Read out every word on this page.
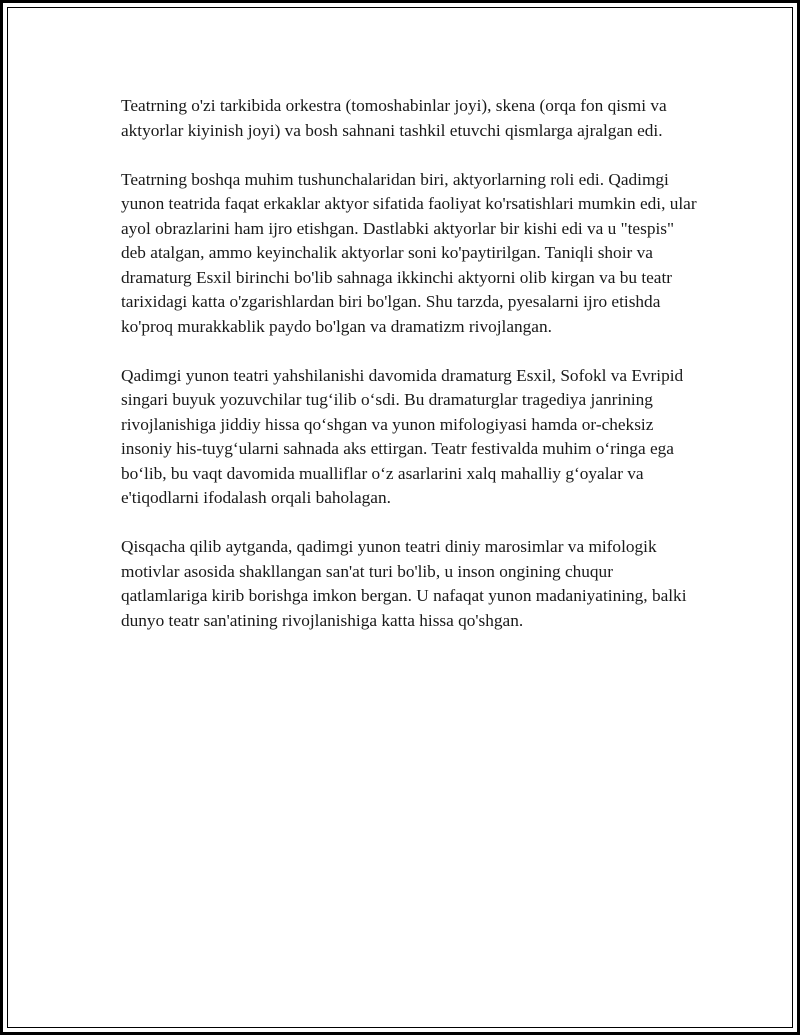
Teatrning o'zi tarkibida orkestra (tomoshabinlar joyi), skena (orqa fon qismi va aktyorlar kiyinish joyi) va bosh sahnani tashkil etuvchi qismlarga ajralgan edi.

Teatrning boshqa muhim tushunchalaridan biri, aktyorlarning roli edi. Qadimgi yunon teatrida faqat erkaklar aktyor sifatida faoliyat ko'rsatishlari mumkin edi, ular ayol obrazlarini ham ijro etishgan. Dastlabki aktyorlar bir kishi edi va u "tespis" deb atalgan, ammo keyinchalik aktyorlar soni ko'paytirilgan. Taniqli shoir va dramaturg Esxil birinchi bo'lib sahnaga ikkinchi aktyorni olib kirgan va bu teatr tarixidagi katta o'zgarishlardan biri bo'lgan. Shu tarzda, pyesalarni ijro etishda ko'proq murakkablik paydo bo'lgan va dramatizm rivojlangan.

Qadimgi yunon teatri yahshilanishi davomida dramaturg Esxil, Sofokl va Evripid singari buyuk yozuvchilar tug‘ilib o‘sdi. Bu dramaturglar tragediya janrining rivojlanishiga jiddiy hissa qo‘shgan va yunon mifologiyasi hamda or-cheksiz insoniy his-tuyg‘ularni sahnada aks ettirgan. Teatr festivalda muhim o‘ringa ega bo‘lib, bu vaqt davomida mualliflar o‘z asarlarini xalq mahalliy g‘oyalar va e'tiqodlarni ifodalash orqali baholagan.

Qisqacha qilib aytganda, qadimgi yunon teatri diniy marosimlar va mifologik motivlar asosida shakllangan san'at turi bo'lib, u inson ongining chuqur qatlamlariga kirib borishga imkon bergan. U nafaqat yunon madaniyatining, balki dunyo teatr san'atining rivojlanishiga katta hissa qo'shgan.
